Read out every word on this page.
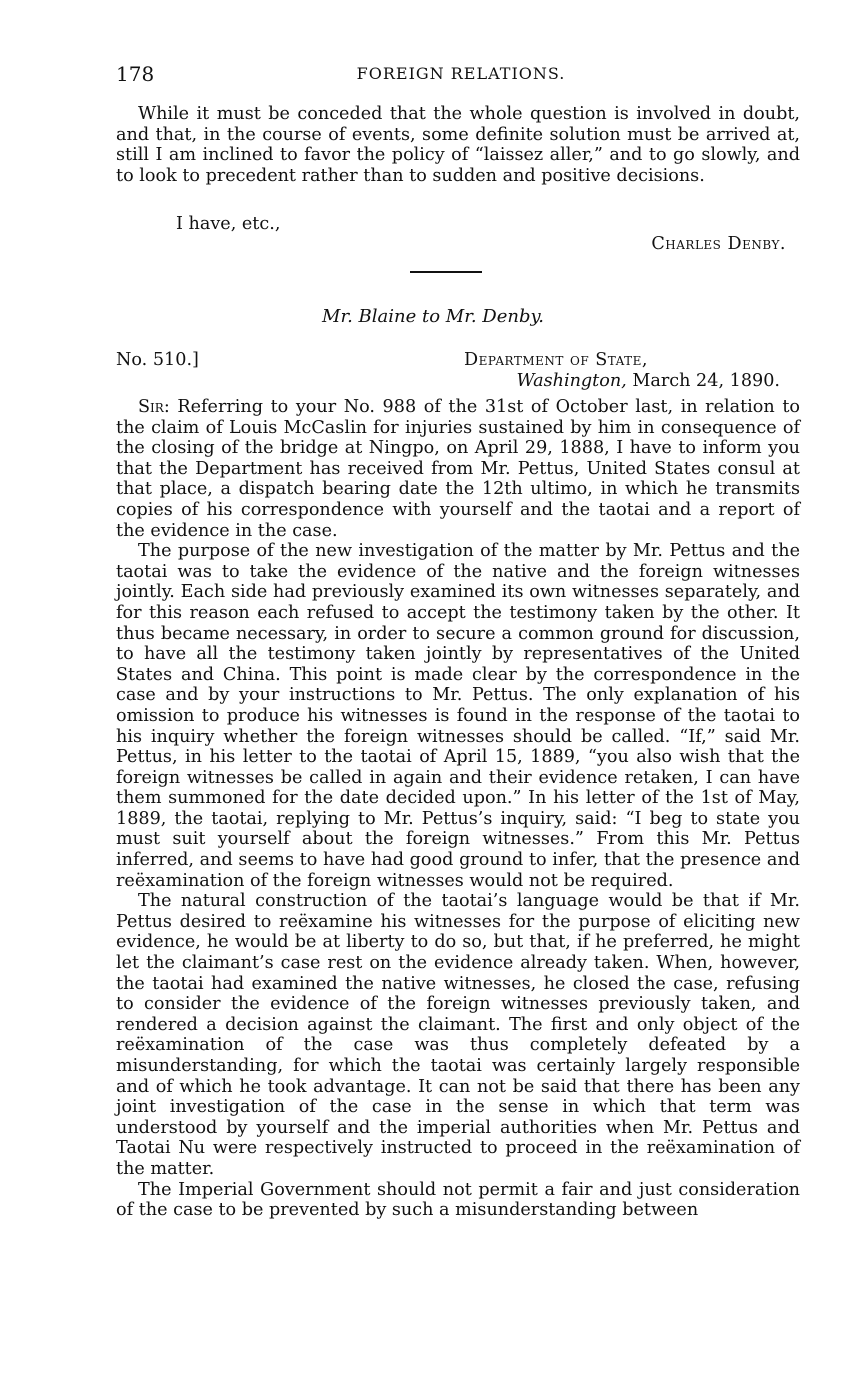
178	FOREIGN RELATIONS.

While it must be conceded that the whole question is involved in doubt, and that, in the course of events, some definite solution must be arrived at, still I am inclined to favor the policy of “laissez aller,” and to go slowly, and to look to precedent rather than to sudden and positive decisions.

I have, etc.,
Charles Denby.
Mr. Blaine to Mr. Denby.
No. 510.]	Department of State,
Washington, March 24, 1890.

Sir: Referring to your No. 988 of the 31st of October last, in relation to the claim of Louis McCaslin for injuries sustained by him in consequence of the closing of the bridge at Ningpo, on April 29, 1888, I have to inform you that the Department has received from Mr. Pettus, United States consul at that place, a dispatch bearing date the 12th ultimo, in which he transmits copies of his correspondence with yourself and the taotai and a report of the evidence in the case.

The purpose of the new investigation of the matter by Mr. Pettus and the taotai was to take the evidence of the native and the foreign witnesses jointly. Each side had previously examined its own witnesses separately, and for this reason each refused to accept the testimony taken by the other. It thus became necessary, in order to secure a common ground for discussion, to have all the testimony taken jointly by representatives of the United States and China. This point is made clear by the correspondence in the case and by your instructions to Mr. Pettus. The only explanation of his omission to produce his witnesses is found in the response of the taotai to his inquiry whether the foreign witnesses should be called. “If,” said Mr. Pettus, in his letter to the taotai of April 15, 1889, “you also wish that the foreign witnesses be called in again and their evidence retaken, I can have them summoned for the date decided upon.” In his letter of the 1st of May, 1889, the taotai, replying to Mr. Pettus’s inquiry, said: “I beg to state you must suit yourself about the foreign witnesses.” From this Mr. Pettus inferred, and seems to have had good ground to infer, that the presence and reëxamination of the foreign witnesses would not be required.

The natural construction of the taotai’s language would be that if Mr. Pettus desired to reëxamine his witnesses for the purpose of eliciting new evidence, he would be at liberty to do so, but that, if he preferred, he might let the claimant’s case rest on the evidence already taken. When, however, the taotai had examined the native witnesses, he closed the case, refusing to consider the evidence of the foreign witnesses previously taken, and rendered a decision against the claimant. The first and only object of the reëxamination of the case was thus completely defeated by a misunderstanding, for which the taotai was certainly largely responsible and of which he took advantage. It can not be said that there has been any joint investigation of the case in the sense in which that term was understood by yourself and the imperial authorities when Mr. Pettus and Taotai Nu were respectively instructed to proceed in the reëxamination of the matter.

The Imperial Government should not permit a fair and just consideration of the case to be prevented by such a misunderstanding between
